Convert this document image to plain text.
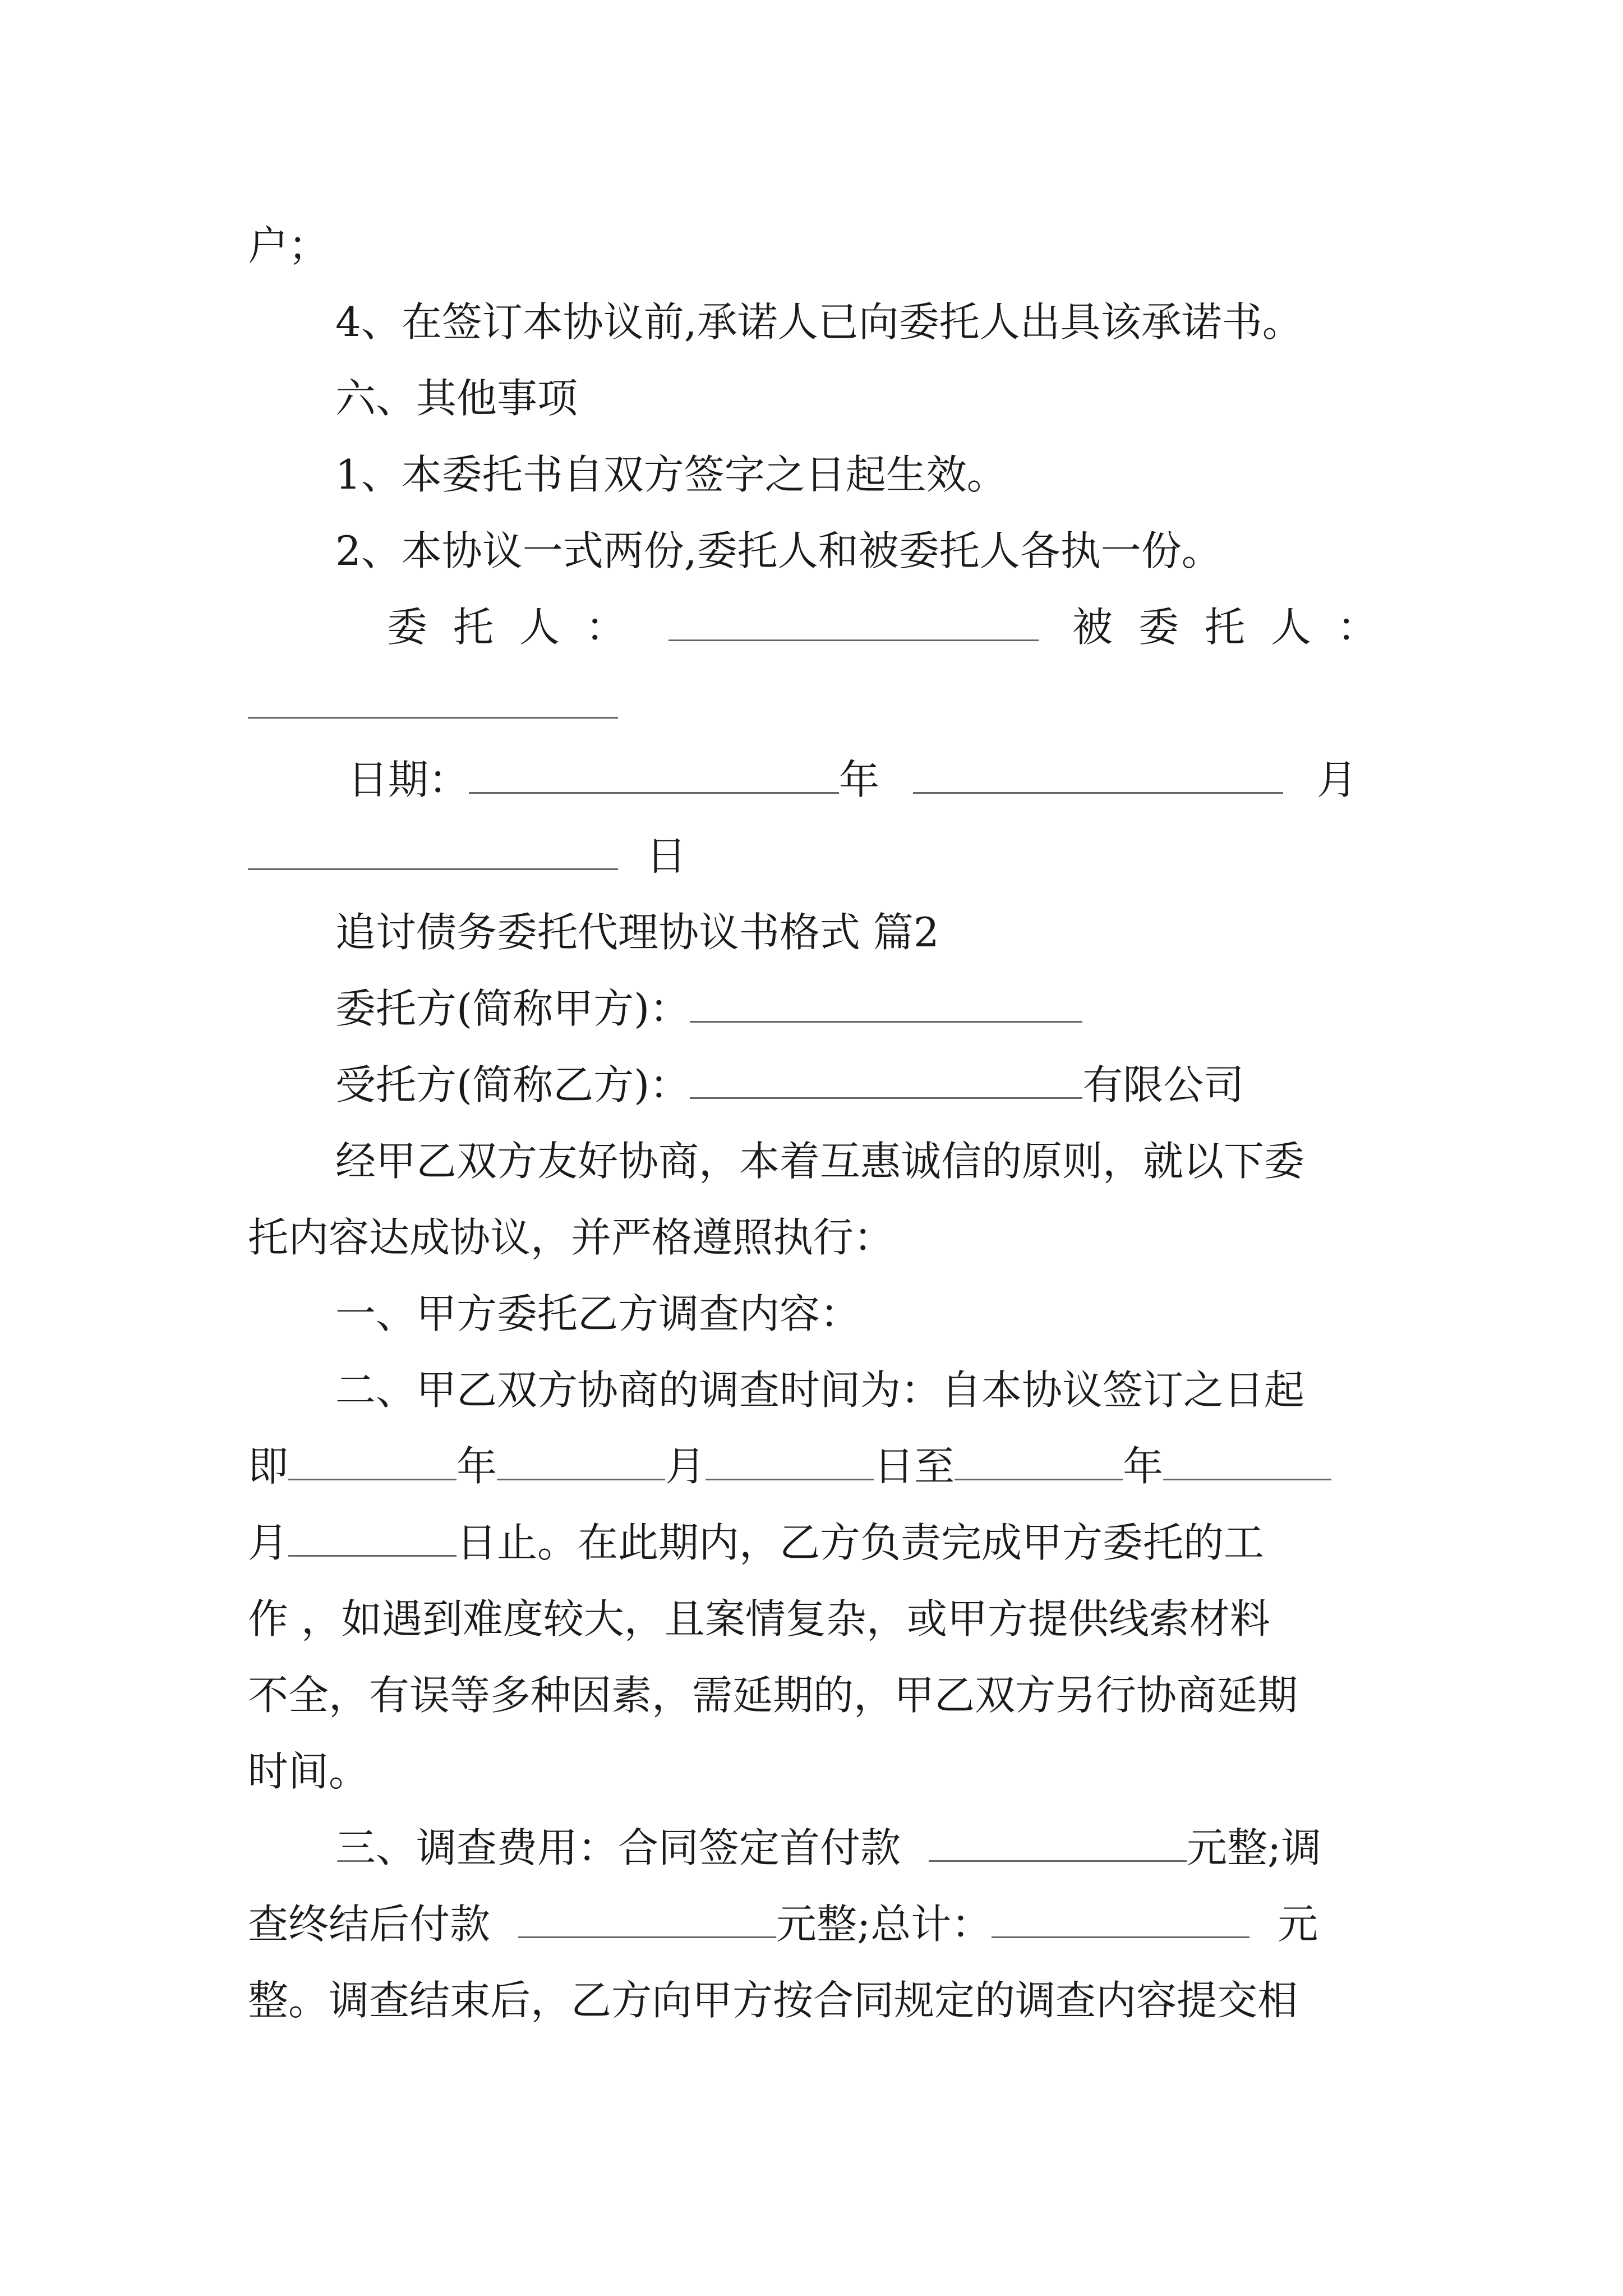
户；

4、在签订本协议前,承诺人已向委托人出具该承诺书。

六、其他事项

1、本委托书自双方签字之日起生效。

2、本协议一式两份,委托人和被委托人各执一份。

委托人：	被委托人：

日期：	年	月

日

追讨债务委托代理协议书格式 篇2

委托方(简称甲方)：

受托方(简称乙方)：	有限公司

经甲乙双方友好协商，本着互惠诚信的原则，就以下委

托内容达成协议，并严格遵照执行：

一、甲方委托乙方调查内容：

二、甲乙双方协商的调查时间为：自本协议签订之日起

即	年	月	日至	年

月	日止。在此期内，乙方负责完成甲方委托的工

作 ，如遇到难度较大，且案情复杂，或甲方提供线索材料

不全，有误等多种因素，需延期的，甲乙双方另行协商延期

时间。

三、调查费用：合同签定首付款	元整;调

查终结后付款	元整;总计：	元

整。调查结束后，乙方向甲方按合同规定的调查内容提交相
